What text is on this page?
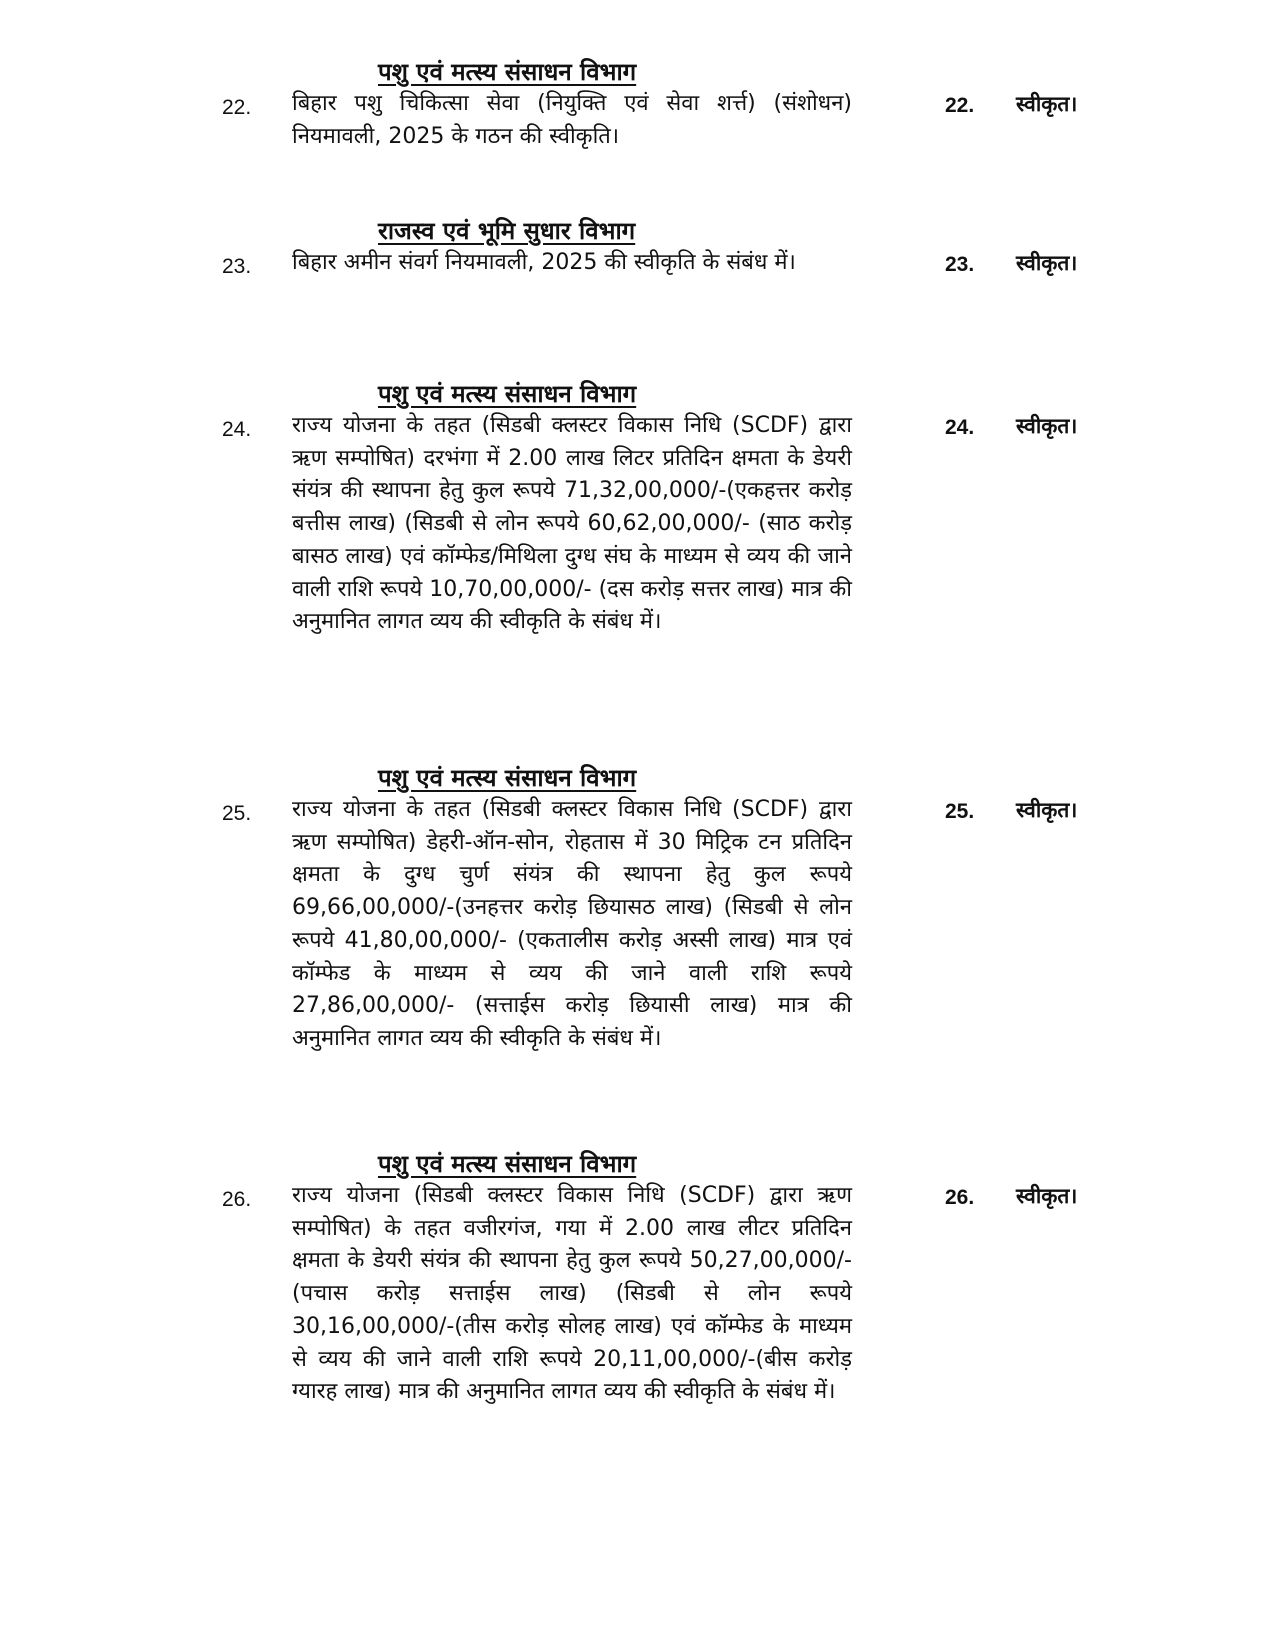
पशु एवं मत्स्य संसाधन विभाग
22. बिहार पशु चिकित्सा सेवा (नियुक्ति एवं सेवा शर्त्त) (संशोधन) नियमावली, 2025 के गठन की स्वीकृति।
22. स्वीकृत।
राजस्व एवं भूमि सुधार विभाग
23. बिहार अमीन संवर्ग नियमावली, 2025 की स्वीकृति के संबंध में।	23. स्वीकृत।
पशु एवं मत्स्य संसाधन विभाग
24. राज्य योजना के तहत (सिडबी क्लस्टर विकास निधि (SCDF) द्वारा ऋण सम्पोषित) दरभंगा में 2.00 लाख लिटर प्रतिदिन क्षमता के डेयरी संयंत्र की स्थापना हेतु कुल रूपये 71,32,00,000/-(एकहत्तर करोड़ बत्तीस लाख) (सिडबी से लोन रूपये 60,62,00,000/- (साठ करोड़ बासठ लाख) एवं कॉम्फेड/मिथिला दुग्ध संघ के माध्यम से व्यय की जाने वाली राशि रूपये 10,70,00,000/- (दस करोड़ सत्तर लाख) मात्र की अनुमानित लागत व्यय की स्वीकृति के संबंध में।
24. स्वीकृत।
पशु एवं मत्स्य संसाधन विभाग
25. राज्य योजना के तहत (सिडबी क्लस्टर विकास निधि (SCDF) द्वारा ऋण सम्पोषित) डेहरी-ऑन-सोन, रोहतास में 30 मिट्रिक टन प्रतिदिन क्षमता के दुग्ध चुर्ण संयंत्र की स्थापना हेतु कुल रूपये 69,66,00,000/-(उनहत्तर करोड़ छियासठ लाख) (सिडबी से लोन रूपये 41,80,00,000/- (एकतालीस करोड़ अस्सी लाख) मात्र एवं कॉम्फेड के माध्यम से व्यय की जाने वाली राशि रूपये 27,86,00,000/- (सत्ताईस करोड़ छियासी लाख) मात्र की अनुमानित लागत व्यय की स्वीकृति के संबंध में।
25. स्वीकृत।
पशु एवं मत्स्य संसाधन विभाग
26. राज्य योजना (सिडबी क्लस्टर विकास निधि (SCDF) द्वारा ऋण सम्पोषित) के तहत वजीरगंज, गया में 2.00 लाख लीटर प्रतिदिन क्षमता के डेयरी संयंत्र की स्थापना हेतु कुल रूपये 50,27,00,000/-(पचास करोड़ सत्ताईस लाख) (सिडबी से लोन रूपये 30,16,00,000/-(तीस करोड़ सोलह लाख) एवं कॉम्फेड के माध्यम से व्यय की जाने वाली राशि रूपये 20,11,00,000/-(बीस करोड़ ग्यारह लाख) मात्र की अनुमानित लागत व्यय की स्वीकृति के संबंध में।
26. स्वीकृत।
